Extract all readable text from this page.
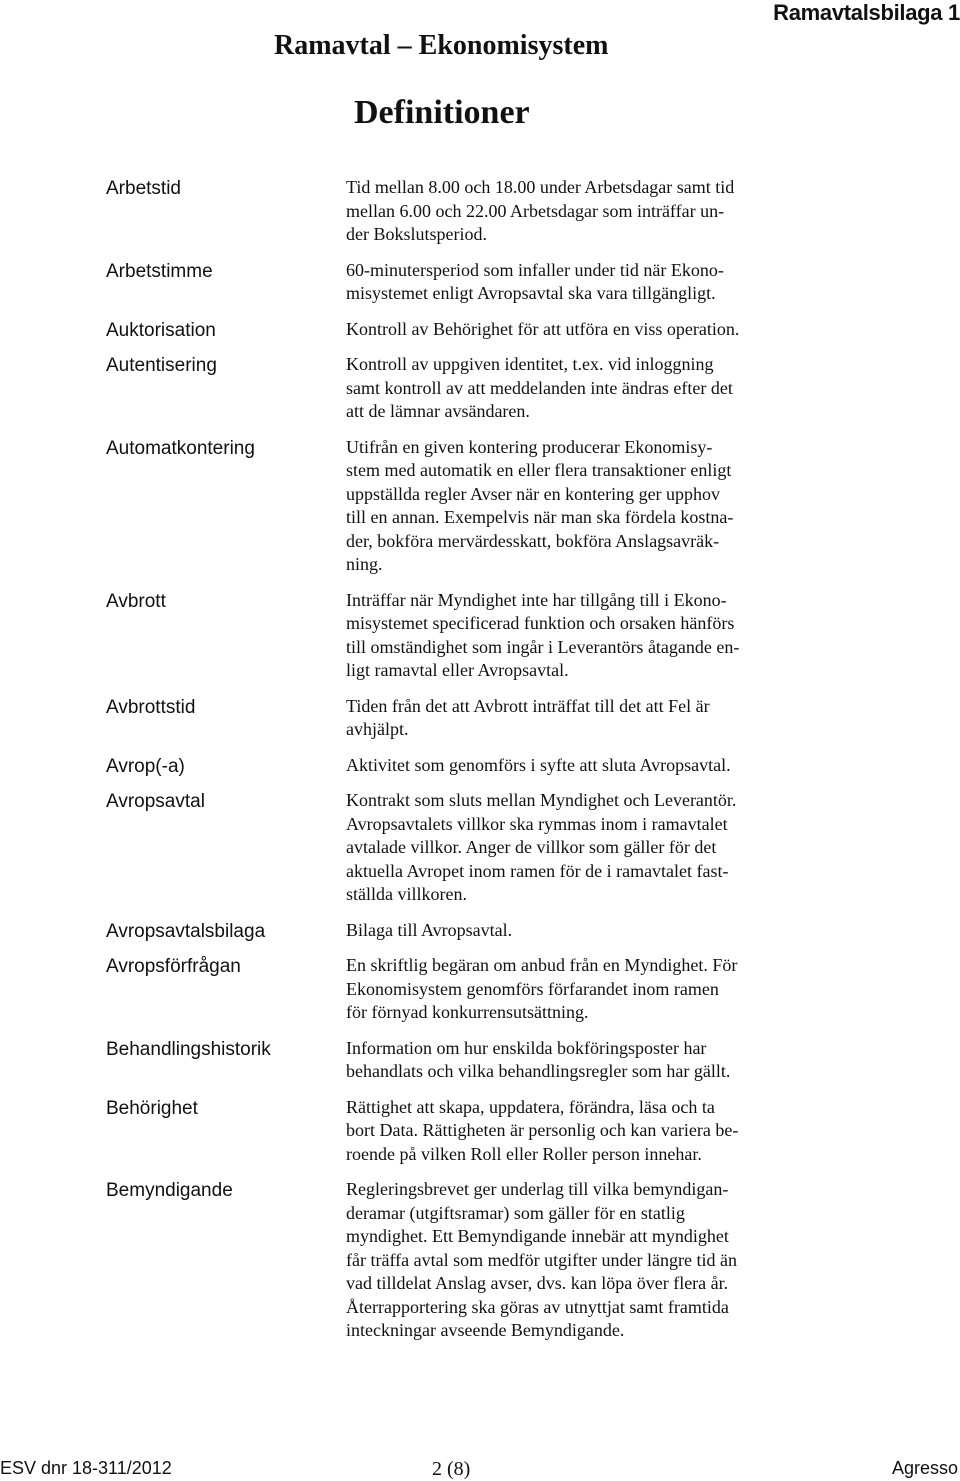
Ramavtalsbilaga 1
Ramavtal – Ekonomisystem
Definitioner
Arbetstid	Tid mellan 8.00 och 18.00 under Arbetsdagar samt tid
mellan 6.00 och 22.00 Arbetsdagar som inträffar un-
der Bokslutsperiod.
Arbetstimme	60-minutersperiod som infaller under tid när Ekono-
misystemet enligt Avropsavtal ska vara tillgängligt.
Auktorisation	Kontroll av Behörighet för att utföra en viss operation.
Autentisering	Kontroll av uppgiven identitet, t.ex. vid inloggning
samt kontroll av att meddelanden inte ändras efter det
att de lämnar avsändaren.
Automatkontering	Utifrån en given kontering producerar Ekonomisy-
stem med automatik en eller flera transaktioner enligt
uppställda regler Avser när en kontering ger upphov
till en annan. Exempelvis när man ska fördela kostna-
der, bokföra mervärdesskatt, bokföra Anslagsavräk-
ning.
Avbrott	Inträffar när Myndighet inte har tillgång till i Ekono-
misystemet specificerad funktion och orsaken hänförs
till omständighet som ingår i Leverantörs åtagande en-
ligt ramavtal eller Avropsavtal.
Avbrottstid	Tiden från det att Avbrott inträffat till det att Fel är
avhjälpt.
Avrop(-a)	Aktivitet som genomförs i syfte att sluta Avropsavtal.
Avropsavtal	Kontrakt som sluts mellan Myndighet och Leverantör.
Avropsavtalets villkor ska rymmas inom i ramavtalet
avtalade villkor. Anger de villkor som gäller för det
aktuella Avropet inom ramen för de i ramavtalet fast-
ställda villkoren.
Avropsavtalsbilaga	Bilaga till Avropsavtal.
Avropsförfrågan	En skriftlig begäran om anbud från en Myndighet. För
Ekonomisystem genomförs förfarandet inom ramen
för förnyad konkurrensutsättning.
Behandlingshistorik	Information om hur enskilda bokföringsposter har
behandlats och vilka behandlingsregler som har gällt.
Behörighet	Rättighet att skapa, uppdatera, förändra, läsa och ta
bort Data. Rättigheten är personlig och kan variera be-
roende på vilken Roll eller Roller person innehar.
Bemyndigande	Regleringsbrevet ger underlag till vilka bemyndigan-
deramar (utgiftsramar) som gäller för en statlig
myndighet. Ett Bemyndigande innebär att myndighet
får träffa avtal som medför utgifter under längre tid än
vad tilldelat Anslag avser, dvs. kan löpa över flera år.
Återrapportering ska göras av utnyttjat samt framtida
inteckningar avseende Bemyndigande.
ESV dnr 18-311/2012	2 (8)	Agresso
